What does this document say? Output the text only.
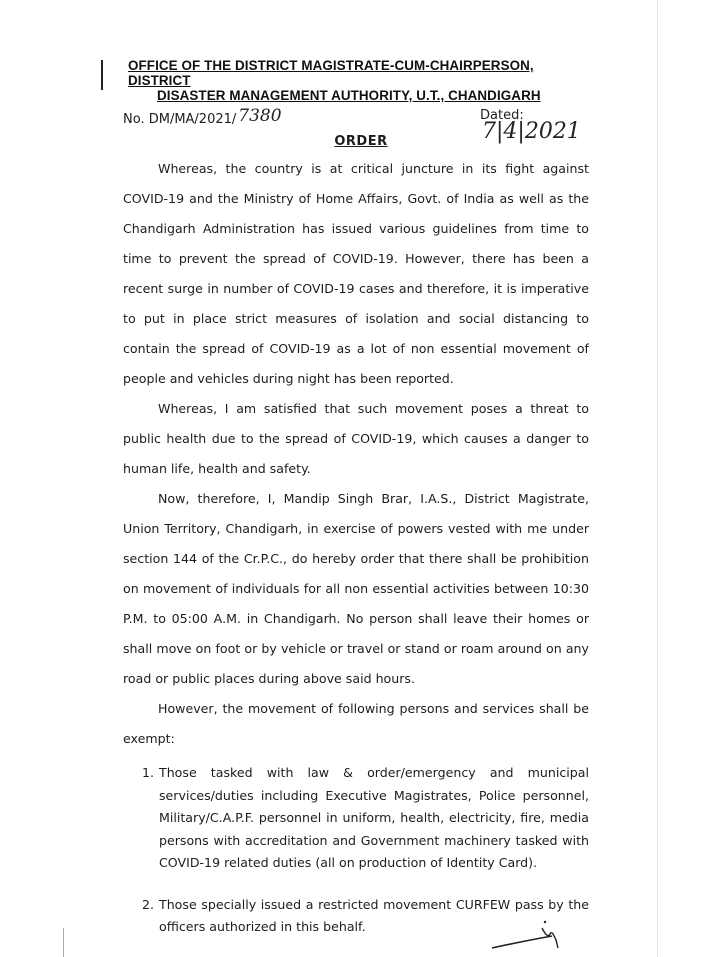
OFFICE OF THE DISTRICT MAGISTRATE-CUM-CHAIRPERSON, DISTRICT
DISASTER MANAGEMENT AUTHORITY, U.T., CHANDIGARH
No. DM/MA/2021/ 7380	Dated: 7|4|2021
ORDER

Whereas, the country is at critical juncture in its fight against COVID-19 and the Ministry of Home Affairs, Govt. of India as well as the Chandigarh Administration has issued various guidelines from time to time to prevent the spread of COVID-19. However, there has been a recent surge in number of COVID-19 cases and therefore, it is imperative to put in place strict measures of isolation and social distancing to contain the spread of COVID-19 as a lot of non essential movement of people and vehicles during night has been reported.

Whereas, I am satisfied that such movement poses a threat to public health due to the spread of COVID-19, which causes a danger to human life, health and safety.

Now, therefore, I, Mandip Singh Brar, I.A.S., District Magistrate, Union Territory, Chandigarh, in exercise of powers vested with me under section 144 of the Cr.P.C., do hereby order that there shall be prohibition on movement of individuals for all non essential activities between 10:30 P.M. to 05:00 A.M. in Chandigarh. No person shall leave their homes or shall move on foot or by vehicle or travel or stand or roam around on any road or public places during above said hours.

However, the movement of following persons and services shall be exempt:

1. Those tasked with law & order/emergency and municipal services/duties including Executive Magistrates, Police personnel, Military/C.A.P.F. personnel in uniform, health, electricity, fire, media persons with accreditation and Government machinery tasked with COVID-19 related duties (all on production of Identity Card).
2. Those specially issued a restricted movement CURFEW pass by the officers authorized in this behalf.
